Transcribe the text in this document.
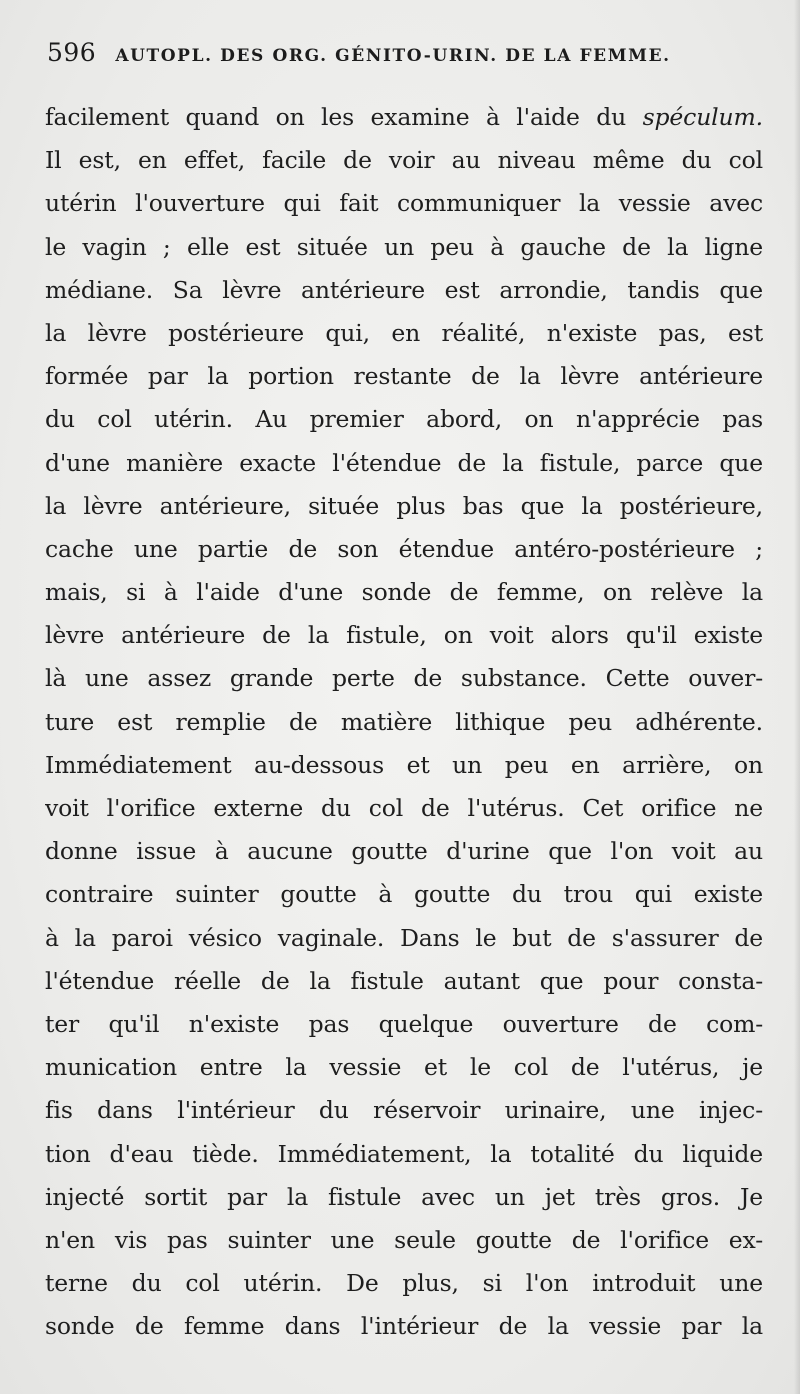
596 AUTOPL. DES ORG. GÉNITO-URIN. DE LA FEMME.
facilement quand on les examine à l'aide du spéculum.
Il est, en effet, facile de voir au niveau même du col
utérin l'ouverture qui fait communiquer la vessie avec
le vagin ; elle est située un peu à gauche de la ligne
médiane. Sa lèvre antérieure est arrondie, tandis que
la lèvre postérieure qui, en réalité, n'existe pas, est
formée par la portion restante de la lèvre antérieure
du col utérin. Au premier abord, on n'apprécie pas
d'une manière exacte l'étendue de la fistule, parce que
la lèvre antérieure, située plus bas que la postérieure,
cache une partie de son étendue antéro-postérieure ;
mais, si à l'aide d'une sonde de femme, on relève la
lèvre antérieure de la fistule, on voit alors qu'il existe
là une assez grande perte de substance. Cette ouver-
ture est remplie de matière lithique peu adhérente.
Immédiatement au-dessous et un peu en arrière, on
voit l'orifice externe du col de l'utérus. Cet orifice ne
donne issue à aucune goutte d'urine que l'on voit au
contraire suinter goutte à goutte du trou qui existe
à la paroi vésico vaginale. Dans le but de s'assurer de
l'étendue réelle de la fistule autant que pour consta-
ter qu'il n'existe pas quelque ouverture de com-
munication entre la vessie et le col de l'utérus, je
fis dans l'intérieur du réservoir urinaire, une injec-
tion d'eau tiède. Immédiatement, la totalité du liquide
injecté sortit par la fistule avec un jet très gros. Je
n'en vis pas suinter une seule goutte de l'orifice ex-
terne du col utérin. De plus, si l'on introduit une
sonde de femme dans l'intérieur de la vessie par la
